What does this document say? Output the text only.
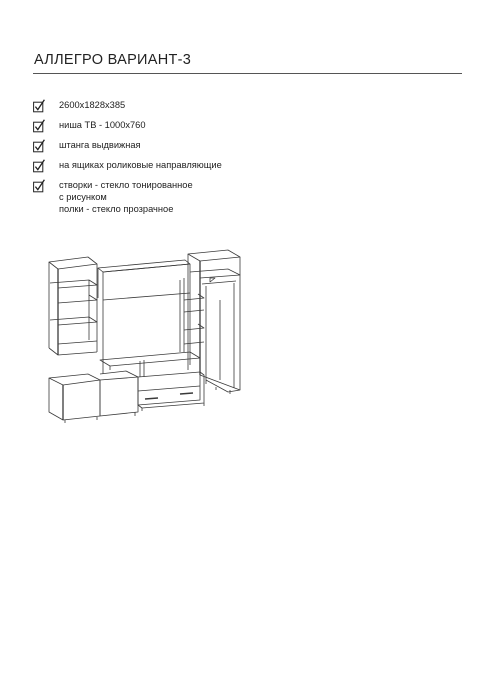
АЛЛЕГРО ВАРИАНТ-3
2600х1828х385
ниша ТВ - 1000х760
штанга выдвижная
на ящиках роликовые направляющие
створки - стекло тонированное
с рисунком
полки - стекло прозрачное
